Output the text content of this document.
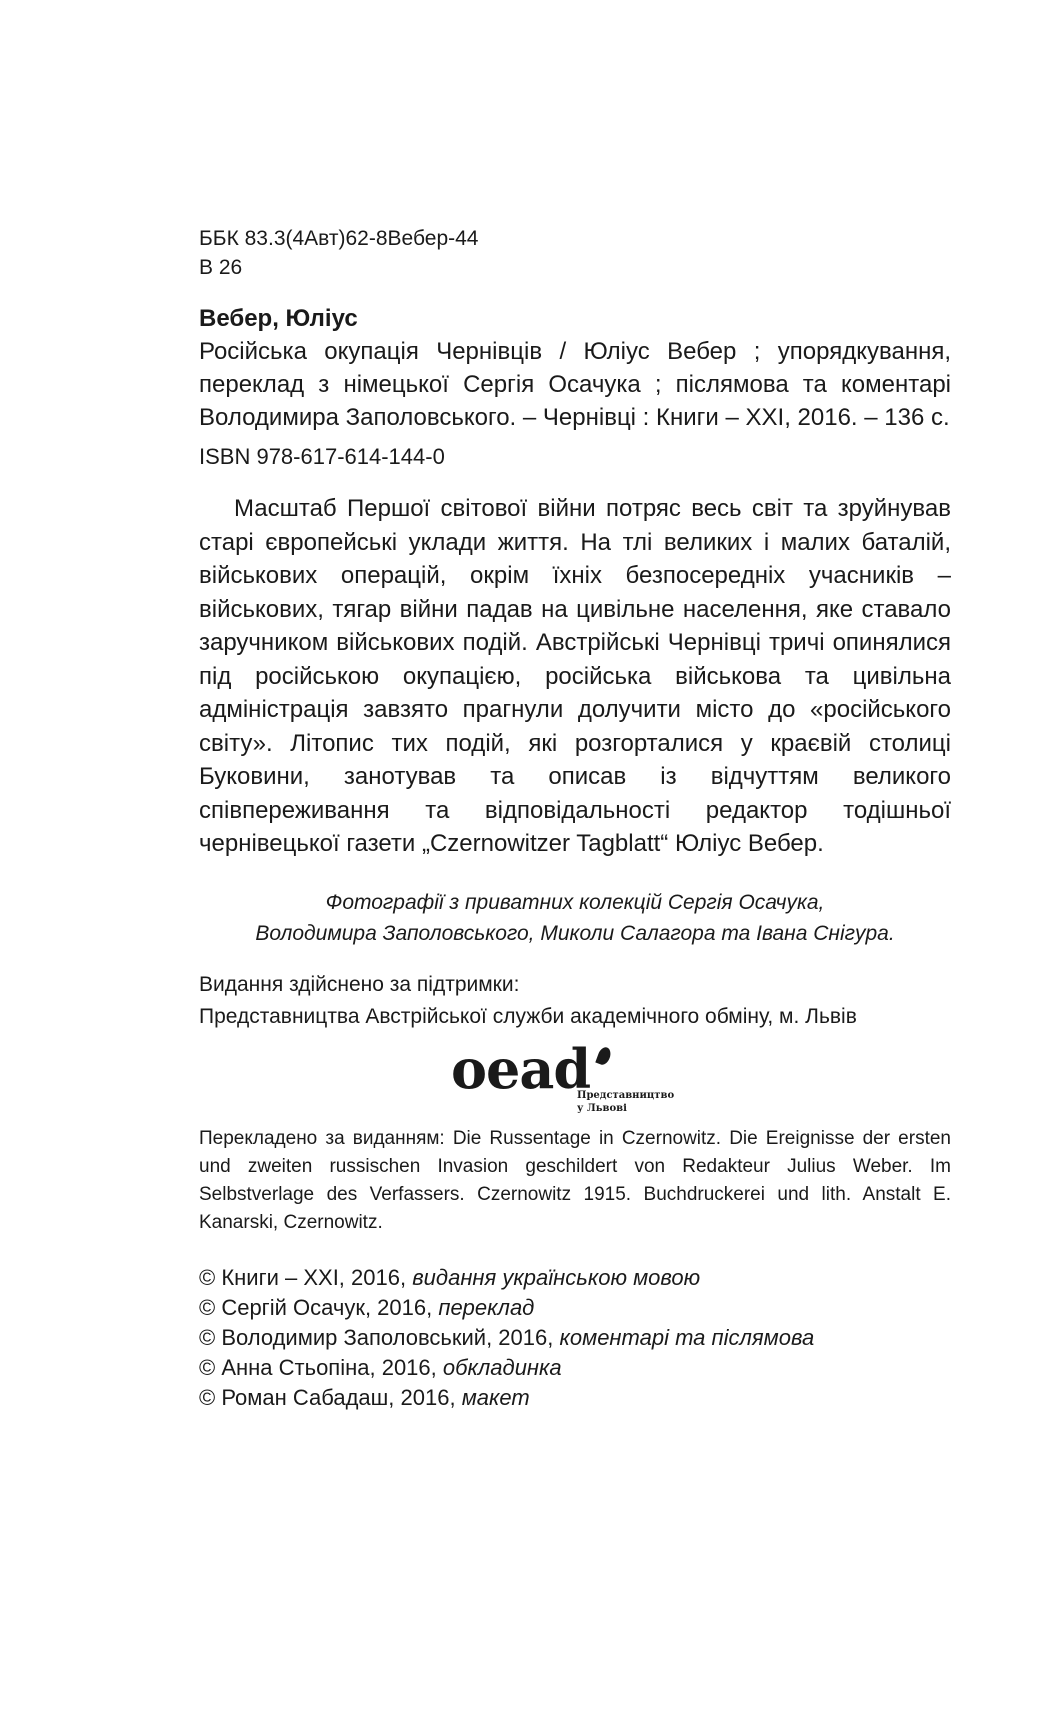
ББК 83.3(4Авт)62-8Вебер-44
В 26
Вебер, Юліус
Російська окупація Чернівців / Юліус Вебер ; упорядкування, переклад з німецької Сергія Осачука ; післямова та коментарі Володимира Заполовського. – Чернівці : Книги – ХХІ, 2016. – 136 с.
ISBN 978-617-614-144-0
Масштаб Першої світової війни потряс весь світ та зруйнував старі європейські уклади життя. На тлі великих і малих баталій, військових операцій, окрім їхніх безпосередніх учасників – військових, тягар війни падав на цивільне населення, яке ставало заручником військових подій. Австрійські Чернівці тричі опинялися під російською окупацією, російська військова та цивільна адміністрація завзято прагнули долучити місто до «російського світу». Літопис тих подій, які розгорталися у краєвій столиці Буковини, занотував та описав із відчуттям великого співпереживання та відповідальності редактор тодішньої чернівецької газети „Czernowitzer Tagblatt“ Юліус Вебер.
Фотографії з приватних колекцій Сергія Осачука,
Володимира Заполовського, Миколи Салагора та Івана Снігура.
Видання здійснено за підтримки:
Представництва Австрійської служби академічного обміну, м. Львів
oead
Представництво
у Львові
Перекладено за виданням: Die Russentage in Czernowitz. Die Ereignisse der ersten und zweiten russischen Invasion geschildert von Redakteur Julius Weber. Im Selbstverlage des Verfassers. Czernowitz 1915. Buchdruckerei und lith. Anstalt E. Kanarski, Czernowitz.
© Книги – ХХІ, 2016, видання українською мовою
© Сергій Осачук, 2016, переклад
© Володимир Заполовський, 2016, коментарі та післямова
© Анна Стьопіна, 2016, обкладинка
© Роман Сабадаш, 2016, макет
